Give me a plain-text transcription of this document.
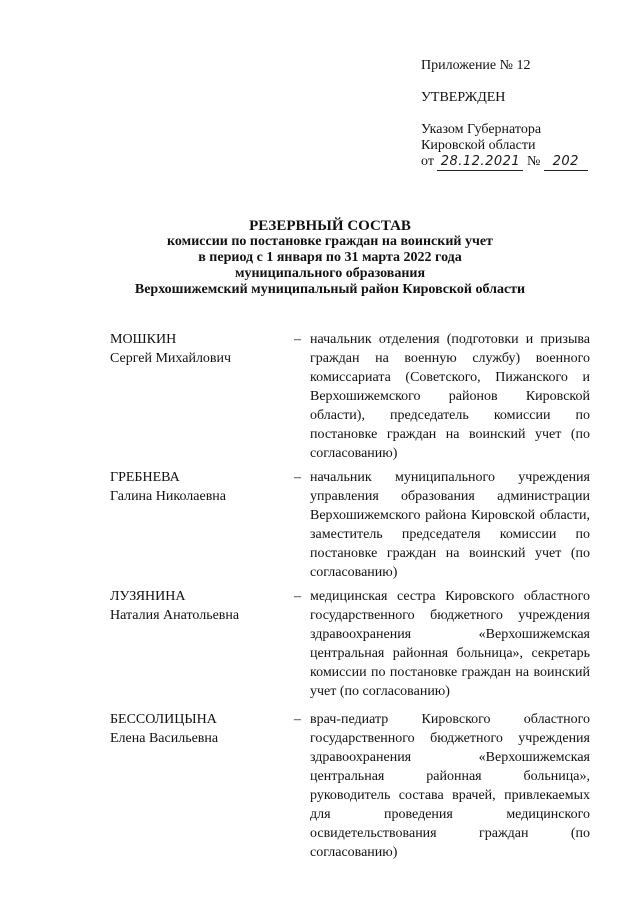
Приложение № 12
УТВЕРЖДЕН
Указом Губернатора
Кировской области
от 28.12.2021 № 202
РЕЗЕРВНЫЙ СОСТАВ
комиссии по постановке граждан на воинский учет
в период с 1 января по 31 марта 2022 года
муниципального образования
Верхошижемский муниципальный район Кировской области
МОШКИН
Сергей Михайлович
– начальник отделения (подготовки и призыва граждан на военную службу) военного комиссариата (Советского, Пижанского и Верхошижемского районов Кировской области), председатель комиссии по постановке граждан на воинский учет (по согласованию)
ГРЕБНЕВА
Галина Николаевна
– начальник муниципального учреждения управления образования администрации Верхошижемского района Кировской области, заместитель председателя комиссии по постановке граждан на воинский учет (по согласованию)
ЛУЗЯНИНА
Наталия Анатольевна
– медицинская сестра Кировского областного государственного бюджетного учреждения здравоохранения «Верхошижемская центральная районная больница», секретарь комиссии по постановке граждан на воинский учет (по согласованию)
БЕССОЛИЦЫНА
Елена Васильевна
– врач-педиатр Кировского областного государственного бюджетного учреждения здравоохранения «Верхошижемская центральная районная больница», руководитель состава врачей, привлекаемых для проведения медицинского освидетельствования граждан (по согласованию)
